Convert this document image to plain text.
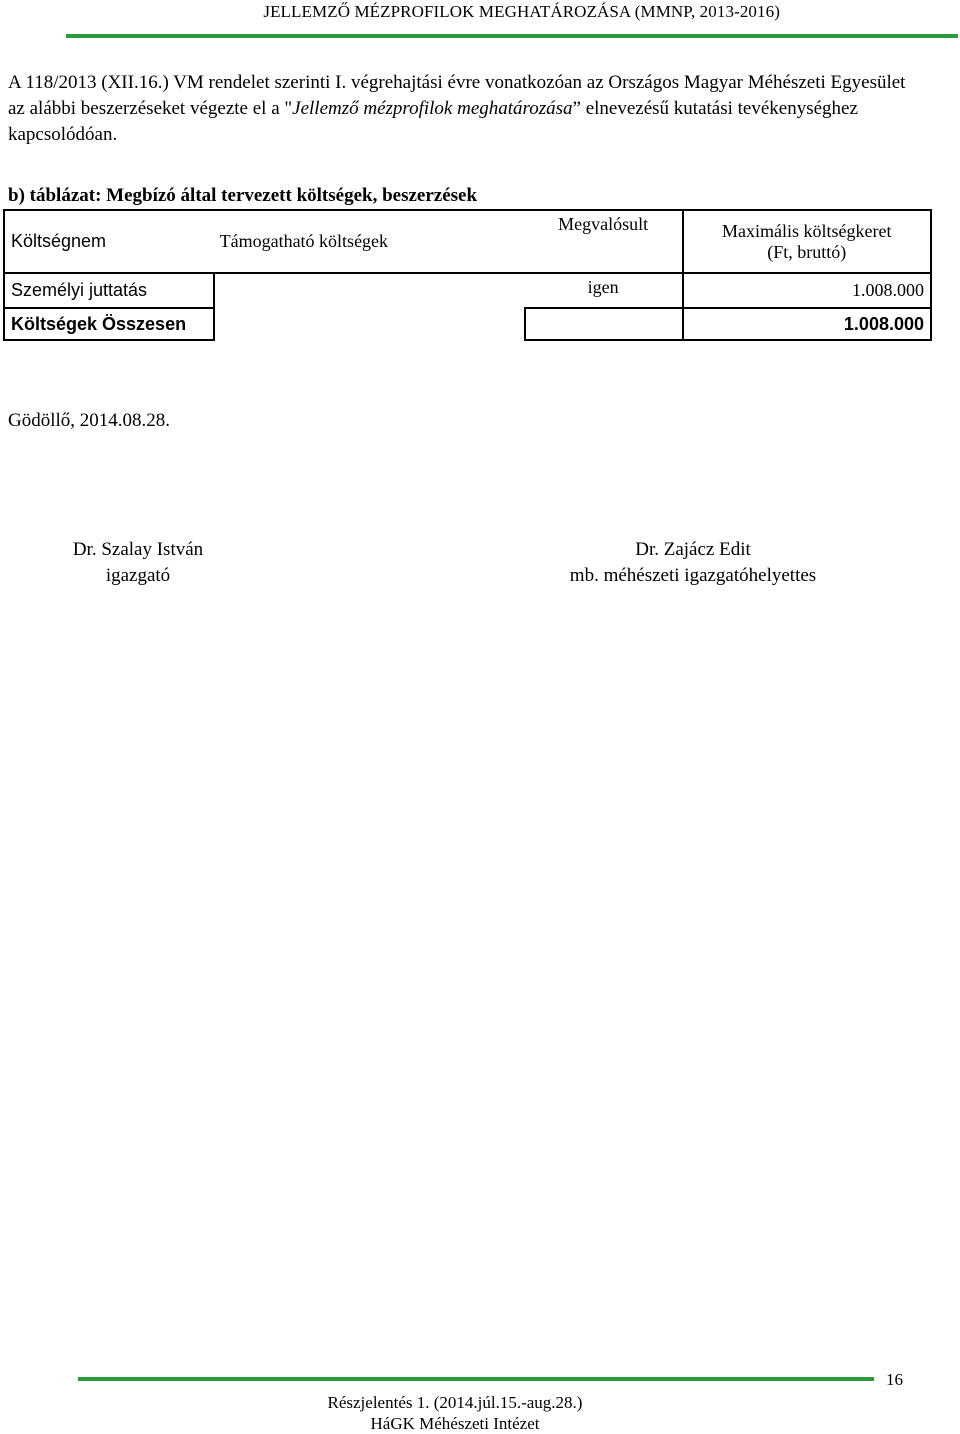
JELLEMZŐ MÉZPROFILOK MEGHATÁROZÁSA (MMNP, 2013-2016)

A 118/2013 (XII.16.) VM rendelet szerinti I. végrehajtási évre vonatkozóan az Országos Magyar Méhészeti Egyesület az alábbi beszerzéseket végezte el a "Jellemző mézprofilok meghatározása” elnevezésű kutatási tevékenységhez kapcsolódóan.

b) táblázat: Megbízó által tervezett költségek, beszerzések
Költségnem	Támogatható költségek	Megvalósult	Maximális költségkeret
(Ft, bruttó)

Személyi juttatás		igen	1.008.000
Költségek Összesen			1.008.000
Gödöllő, 2014.08.28.
Dr. Szalay István
igazgató
Dr. Zajácz Edit
mb. méhészeti igazgatóhelyettes
16
Részjelentés 1. (2014.júl.15.-aug.28.)
HáGK Méhészeti Intézet
